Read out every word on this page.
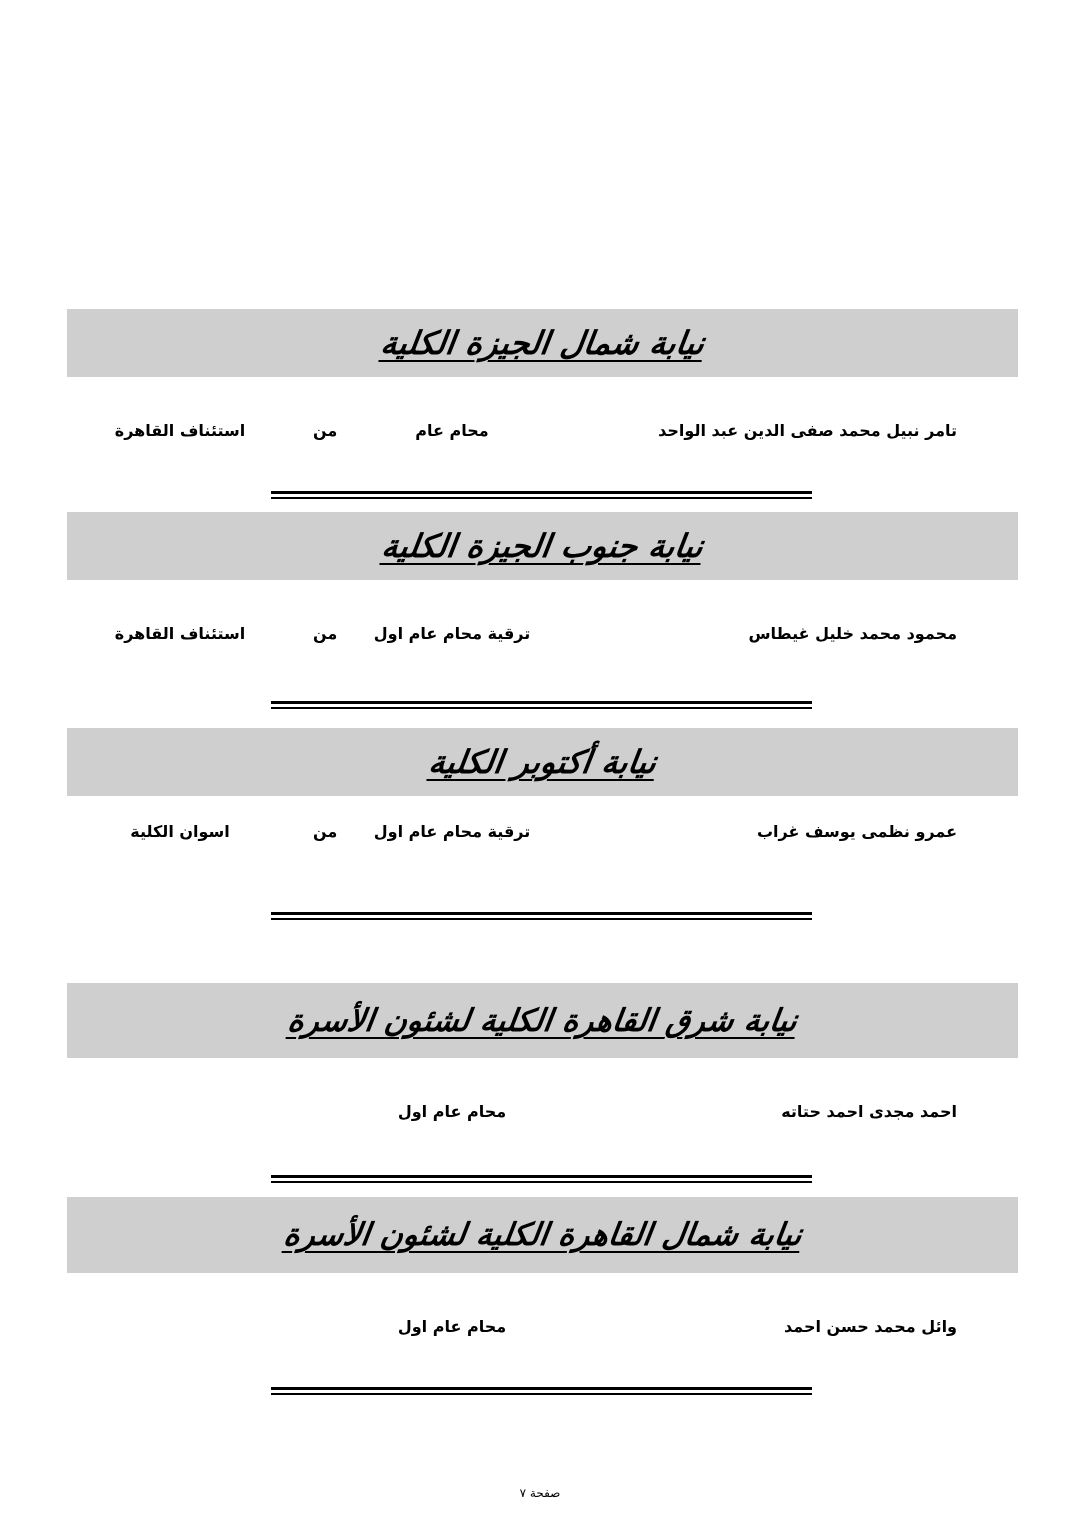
نيابة شمال الجيزة الكلية
تامر نبيل محمد صفى الدين عبد الواحد
محام عام
من
استئناف القاهرة
نيابة جنوب الجيزة الكلية
محمود محمد خليل غيطاس
ترقية محام عام اول
من
استئناف القاهرة
نيابة أكتوبر الكلية
عمرو نظمى يوسف غراب
ترقية محام عام اول
من
اسوان الكلية
نيابة شرق القاهرة الكلية لشئون الأسرة
احمد مجدى احمد حتاته
محام عام اول
نيابة شمال القاهرة الكلية لشئون الأسرة
وائل محمد حسن احمد
محام عام اول
صفحة ٧
